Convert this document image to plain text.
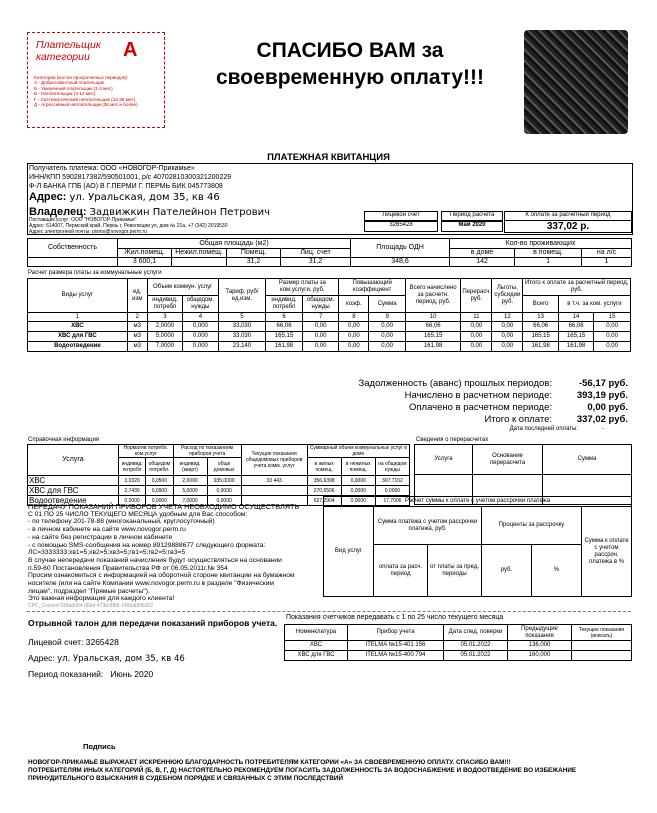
Плательщик категории	А
Категории (кол-во просроченных периодов):
А - Добросовестный плательщик
Б - Умеренный плательщик (1-3 мес)
В - Неплательщик (4-12 мес)
Г - Систематический неплательщик (13-36 мес)
Д - Агрессивный неплательщик (36 мес и более)
СПАСИБО ВАМ за своевременную оплату!!!
ПЛАТЕЖНАЯ КВИТАНЦИЯ
Получатель платежа: ООО «НОВОГОР-Прикамье»
ИНН/КПП 5902817382/590501001, р/с 40702810300321200229
Ф-Л БАНКА ГПБ (АО) В Г.ПЕРМИ Г. ПЕРМЬ БИК 045773808
Адрес: ул. Уральская, дом 35, кв 46
Владелец: Задвижкин Пателейнон Петрович
Поставщик услуг: ООО "НОВОГОР-Прикамье"
Адрес: 614007, Пермский край, Пермь г, Революции ул, дом № 21а, +7 (342) 2019530
Адрес электронной почты: pismo@novogor.perm.ru
Лицевой счет
3265428
Период расчета
Май 2020
К оплате за расчетный период
337,02 р.
Собственность	Общая площадь (м2)				Площадь ОДН	Кол-во проживающих		
	Жил.помещ.	Нежил.помещ.	Помещ.	Лиц. счет		в доме	в помещ.	на л/с
	3 600,1		31,2	31,2	348,6	142	1	1
Расчет размера платы за коммунальные услуги
Виды услуг	ед. изм	Объем коммун. услуг		Тариф, руб/ед.изм.	Размер платы за ком.услуги, руб.		Повышающий коэффициент		Всего начислено за расчетн. период, руб.	Перерасч. руб.	Льготы, субсидии руб.	Итого к оплате за расчетный период, руб.		
		индивид. потребл	общедом. нужды		индивид. потребл	общедом. нужды	коэф.	Сумма				Всего	в т.ч. за ком. услуги	
1	2	3	4	5	6	7	8	9	10	11	12	13	14	15
ХВС	м3	2,0000	0,000	33,030	66,06	0,00	0,00	0,00	66,06	0,00	0,00	66,06	66,06	0,00
ХВС для ГВС	м3	5,0000	0,000	33,030	165,15	0,00	0,00	0,00	165,15	0,00	0,00	165,15	165,15	0,00
Водоотведение	м3	7,0000	0,000	23,140	161,98	0,00	0,00	0,00	161,98	0,00	0,00	161,98	161,98	0,00
Задолженность (аванс) прошлых периодов:	-56,17 руб.
Начислено в расчетном периоде:	393,19 руб.
Оплачено в расчетном периоде:	0,00 руб.
Итого к оплате:	337,02 руб.
Дата последней оплаты:	-
Справочная информация
Услуга	Норматив потребл. ком.услуг		Расход по показаниям приборов учета		Текущие показания общедомовых приборов учета комм. услуг	Суммарный объем коммунальных услуг в доме		
	индивид. потребл	общедом потребл.	индивид. (кварт)	обще домовых		в жилых помещ.	в нежилых помещ.	на общедом нужды
ХВС	3,0320	0,0500	2,0000	935,0000	33 443	356,6398	0,0000	307,7102
ХВС для ГВС	2,7430	0,0900	5,0000	0,0000		270,6506	0,0000	0,0000
Водоотведение	0,0000	0,0000	7,0000	0,0000		627,2904	0,0000	17,7006
Сведения о перерасчетах
Услуга	Основание перерасчета	Сумма

Расчет суммы к оплате с учетом рассрочки платежа					
Вид услуг	Сумма платежа с учетом рассрочки платежа, руб.		Проценты за рассрочку		Сумма к оплате с учетом рассроч. платежа в %
	оплата за расч. период	от платы за пред. периоды	руб.	%	
ПЕРЕДАЧУ ПОКАЗАНИЙ ПРИБОРОВ УЧЕТА НЕОБХОДИМО ОСУЩЕСТВЛЯТЬ
С 01 ПО 25 ЧИСЛО ТЕКУЩЕГО МЕСЯЦА удобным для Вас способом:
- по телефону 201-78-88 (многоканальный, круглосуточный)
- в личном кабинете на сайте www.novogor.perm.ru
- на сайте без регистрации в личном кабинете
- с помощью SMS-сообщения на номер 89129888677 следующего формата:
ЛС=3333333;хв1=5;хв2=5;хв3=5;гв1=5;гв2=5;гв3=5
В случае непередачи показаний начисления будут осуществляться на основании
п.59-60 Постановления Правительства РФ от 06.05.2011г.№ 354
Просим ознакомиться с информацией на оборотной стороне квитанции на бумажном
носителе (или на сайте Компании www.novogor.perm.ru в разделе "Физическим
лицам", подраздел "Прямые расчеты").
Это важная информация для каждого клиента!
CPC_Convert 918ad994-86b4-473d-8f86-1496ab6f6302
Отрывной талон для передачи показаний приборов учета.
Лицевой счет: 3265428
Адрес: ул. Уральская, дом 35, кв 46
Период показаний: Июнь 2020
Показания счетчиков передавать с 1 по 25 число текущего месяца
Номенклатура	Прибор учета	Дата след. поверки	Предыдущие показания	Текущие показания (вписать)
ХВС	ITELMA №15-401 156	05.01.2022	136,000	
ХВС для ГВС	ITELMA №15-400 794	05.01.2022	160,000	
Подпись
НОВОГОР-ПРИКАМЬЕ ВЫРАЖАЕТ ИСКРЕННЮЮ БЛАГОДАРНОСТЬ ПОТРЕБИТЕЛЯМ КАТЕГОРИИ «А» ЗА СВОЕВРЕМЕННУЮ ОПЛАТУ. СПАСИБО ВАМ!!!
ПОТРЕБИТЕЛЯМ ИНЫХ КАТЕГОРИЙ (Б, В, Г, Д) НАСТОЯТЕЛЬНО РЕКОМЕНДУЕМ ПОГАСИТЬ ЗАДОЛЖЕННОСТЬ ЗА ВОДОСНАБЖЕНИЕ И ВОДООТВЕДЕНИЕ ВО ИЗБЕЖАНИЕ ПРИНУДИТЕЛЬНОГО ВЗЫСКАНИЯ В СУДЕБНОМ ПОРЯДКЕ И СВЯЗАННЫХ С ЭТИМ ПОСЛЕДСТВИЙ
